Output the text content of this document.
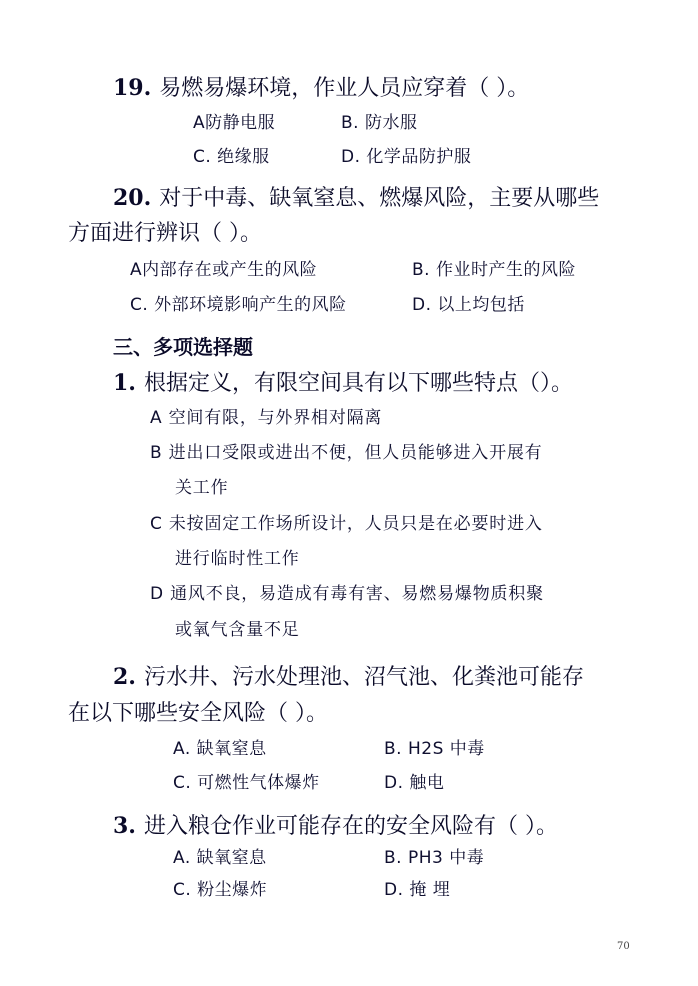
19. 易燃易爆环境，作业人员应穿着（ ）。
A防静电服	B. 防水服
C. 绝缘服	D. 化学品防护服
20. 对于中毒、缺氧窒息、燃爆风险，主要从哪些
方面进行辨识（ ）。
A内部存在或产生的风险	B. 作业时产生的风险
C. 外部环境影响产生的风险	D. 以上均包括
三、多项选择题
1. 根据定义，有限空间具有以下哪些特点（）。
A 空间有限，与外界相对隔离
B 进出口受限或进出不便，但人员能够进入开展有
关工作
C 未按固定工作场所设计，人员只是在必要时进入
进行临时性工作
D 通风不良，易造成有毒有害、易燃易爆物质积聚
或氧气含量不足
2. 污水井、污水处理池、沼气池、化粪池可能存
在以下哪些安全风险（ ）。
A. 缺氧窒息	B. H2S 中毒
C. 可燃性气体爆炸	D. 触电
3. 进入粮仓作业可能存在的安全风险有（ ）。
A. 缺氧窒息	B. PH3 中毒
C. 粉尘爆炸	D. 掩 埋
70
